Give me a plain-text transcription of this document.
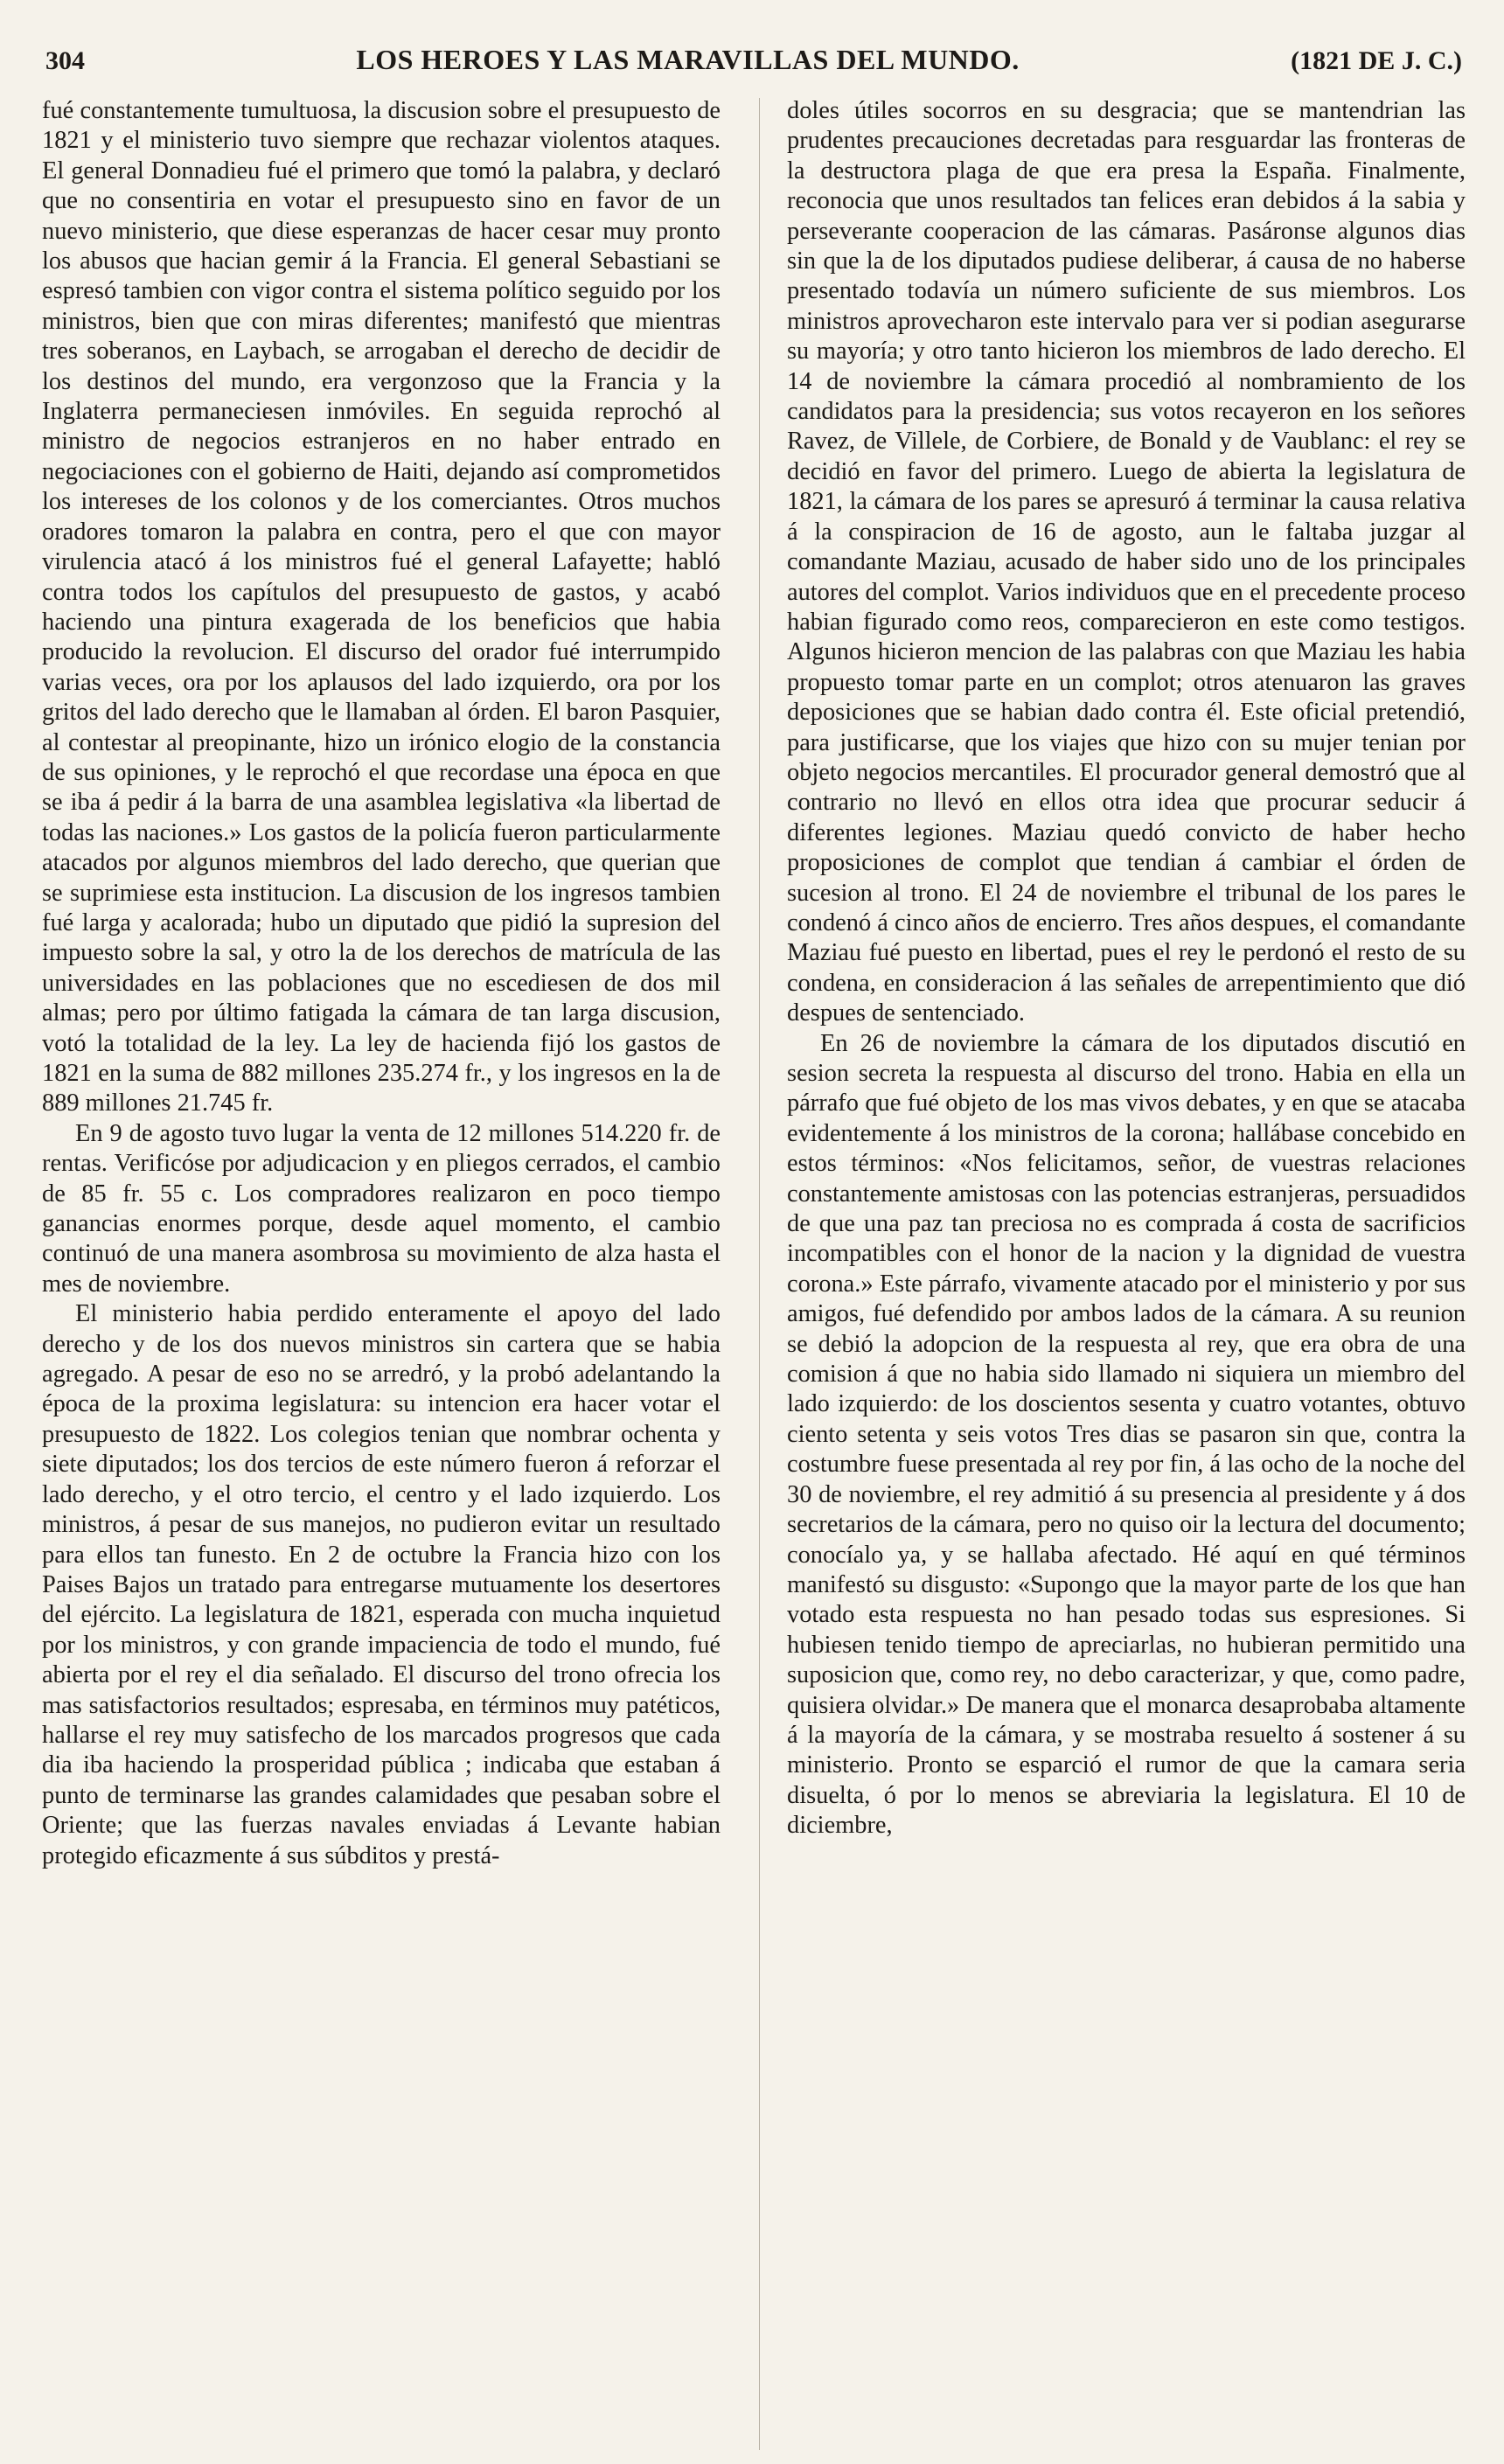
304	LOS HEROES Y LAS MARAVILLAS DEL MUNDO.	(1821 DE J. C.)

fué constantemente tumultuosa, la discusion sobre el presupuesto de 1821 y el ministerio tuvo siempre que rechazar violentos ataques. El general Donnadieu fué el primero que tomó la palabra, y declaró que no consentiria en votar el presupuesto sino en favor de un nuevo ministerio, que diese esperanzas de hacer cesar muy pronto los abusos que hacian gemir á la Francia. El general Sebastiani se espresó tambien con vigor contra el sistema político seguido por los ministros, bien que con miras diferentes; manifestó que mientras tres soberanos, en Laybach, se arrogaban el derecho de decidir de los destinos del mundo, era vergonzoso que la Francia y la Inglaterra permaneciesen inmóviles. En seguida reprochó al ministro de negocios estranjeros en no haber entrado en negociaciones con el gobierno de Haiti, dejando así comprometidos los intereses de los colonos y de los comerciantes. Otros muchos oradores tomaron la palabra en contra, pero el que con mayor virulencia atacó á los ministros fué el general Lafayette; habló contra todos los capítulos del presupuesto de gastos, y acabó haciendo una pintura exagerada de los beneficios que habia producido la revolucion. El discurso del orador fué interrumpido varias veces, ora por los aplausos del lado izquierdo, ora por los gritos del lado derecho que le llamaban al órden. El baron Pasquier, al contestar al preopinante, hizo un irónico elogio de la constancia de sus opiniones, y le reprochó el que recordase una época en que se iba á pedir á la barra de una asamblea legislativa «la libertad de todas las naciones.» Los gastos de la policía fueron particularmente atacados por algunos miembros del lado derecho, que querian que se suprimiese esta institucion. La discusion de los ingresos tambien fué larga y acalorada; hubo un diputado que pidió la supresion del impuesto sobre la sal, y otro la de los derechos de matrícula de las universidades en las poblaciones que no escediesen de dos mil almas; pero por último fatigada la cámara de tan larga discusion, votó la totalidad de la ley. La ley de hacienda fijó los gastos de 1821 en la suma de 882 millones 235.274 fr., y los ingresos en la de 889 millones 21.745 fr.

En 9 de agosto tuvo lugar la venta de 12 millones 514.220 fr. de rentas. Verificóse por adjudicacion y en pliegos cerrados, el cambio de 85 fr. 55 c. Los compradores realizaron en poco tiempo ganancias enormes porque, desde aquel momento, el cambio continuó de una manera asombrosa su movimiento de alza hasta el mes de noviembre.

El ministerio habia perdido enteramente el apoyo del lado derecho y de los dos nuevos ministros sin cartera que se habia agregado. A pesar de eso no se arredró, y la probó adelantando la época de la proxima legislatura: su intencion era hacer votar el presupuesto de 1822. Los colegios tenian que nombrar ochenta y siete diputados; los dos tercios de este número fueron á reforzar el lado derecho, y el otro tercio, el centro y el lado izquierdo. Los ministros, á pesar de sus manejos, no pudieron evitar un resultado para ellos tan funesto. En 2 de octubre la Francia hizo con los Paises Bajos un tratado para entregarse mutuamente los desertores del ejército. La legislatura de 1821, esperada con mucha inquietud por los ministros, y con grande impaciencia de todo el mundo, fué abierta por el rey el dia señalado. El discurso del trono ofrecia los mas satisfactorios resultados; espresaba, en términos muy patéticos, hallarse el rey muy satisfecho de los marcados progresos que cada dia iba haciendo la prosperidad pública ; indicaba que estaban á punto de terminarse las grandes calamidades que pesaban sobre el Oriente; que las fuerzas navales enviadas á Levante habian protegido eficazmente á sus súbditos y prestá-

doles útiles socorros en su desgracia; que se mantendrian las prudentes precauciones decretadas para resguardar las fronteras de la destructora plaga de que era presa la España. Finalmente, reconocia que unos resultados tan felices eran debidos á la sabia y perseverante cooperacion de las cámaras. Pasáronse algunos dias sin que la de los diputados pudiese deliberar, á causa de no haberse presentado todavía un número suficiente de sus miembros. Los ministros aprovecharon este intervalo para ver si podian asegurarse su mayoría; y otro tanto hicieron los miembros de lado derecho. El 14 de noviembre la cámara procedió al nombramiento de los candidatos para la presidencia; sus votos recayeron en los señores Ravez, de Villele, de Corbiere, de Bonald y de Vaublanc: el rey se decidió en favor del primero. Luego de abierta la legislatura de 1821, la cámara de los pares se apresuró á terminar la causa relativa á la conspiracion de 16 de agosto, aun le faltaba juzgar al comandante Maziau, acusado de haber sido uno de los principales autores del complot. Varios individuos que en el precedente proceso habian figurado como reos, comparecieron en este como testigos. Algunos hicieron mencion de las palabras con que Maziau les habia propuesto tomar parte en un complot; otros atenuaron las graves deposiciones que se habian dado contra él. Este oficial pretendió, para justificarse, que los viajes que hizo con su mujer tenian por objeto negocios mercantiles. El procurador general demostró que al contrario no llevó en ellos otra idea que procurar seducir á diferentes legiones. Maziau quedó convicto de haber hecho proposiciones de complot que tendian á cambiar el órden de sucesion al trono. El 24 de noviembre el tribunal de los pares le condenó á cinco años de encierro. Tres años despues, el comandante Maziau fué puesto en libertad, pues el rey le perdonó el resto de su condena, en consideracion á las señales de arrepentimiento que dió despues de sentenciado.

En 26 de noviembre la cámara de los diputados discutió en sesion secreta la respuesta al discurso del trono. Habia en ella un párrafo que fué objeto de los mas vivos debates, y en que se atacaba evidentemente á los ministros de la corona; hallábase concebido en estos términos: «Nos felicitamos, señor, de vuestras relaciones constantemente amistosas con las potencias estranjeras, persuadidos de que una paz tan preciosa no es comprada á costa de sacrificios incompatibles con el honor de la nacion y la dignidad de vuestra corona.» Este párrafo, vivamente atacado por el ministerio y por sus amigos, fué defendido por ambos lados de la cámara. A su reunion se debió la adopcion de la respuesta al rey, que era obra de una comision á que no habia sido llamado ni siquiera un miembro del lado izquierdo: de los doscientos sesenta y cuatro votantes, obtuvo ciento setenta y seis votos Tres dias se pasaron sin que, contra la costumbre fuese presentada al rey por fin, á las ocho de la noche del 30 de noviembre, el rey admitió á su presencia al presidente y á dos secretarios de la cámara, pero no quiso oir la lectura del documento; conocíalo ya, y se hallaba afectado. Hé aquí en qué términos manifestó su disgusto: «Supongo que la mayor parte de los que han votado esta respuesta no han pesado todas sus espresiones. Si hubiesen tenido tiempo de apreciarlas, no hubieran permitido una suposicion que, como rey, no debo caracterizar, y que, como padre, quisiera olvidar.» De manera que el monarca desaprobaba altamente á la mayoría de la cámara, y se mostraba resuelto á sostener á su ministerio. Pronto se esparció el rumor de que la camara seria disuelta, ó por lo menos se abreviaria la legislatura. El 10 de diciembre,
